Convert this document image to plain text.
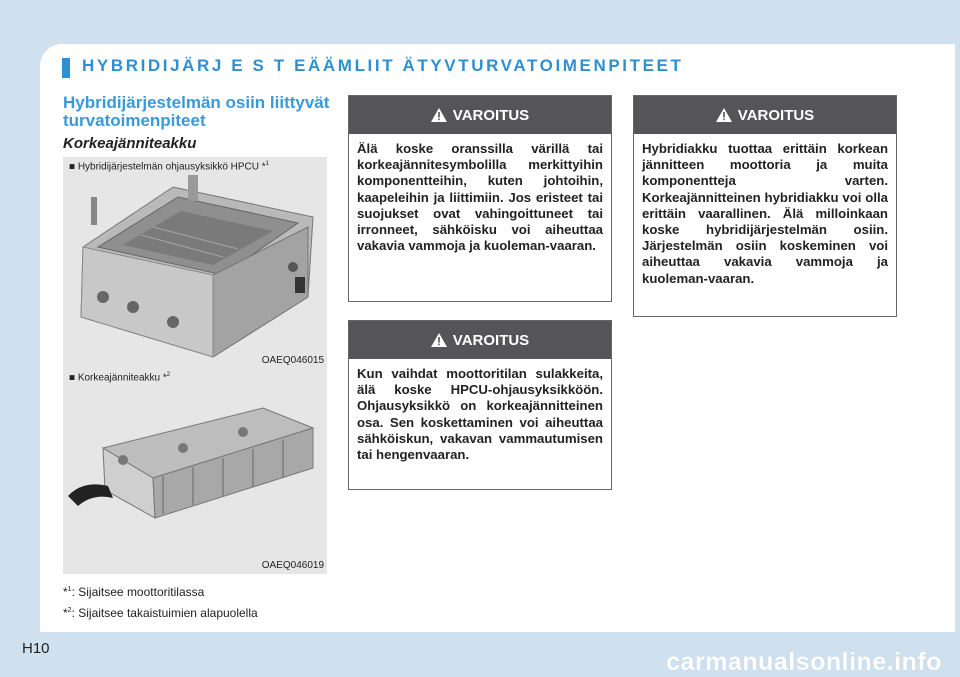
HYBRIDIJÄRJ E S T EÄÄMLIIT ÄTYVTURVATOIMENPITEET
Hybridijärjestelmän osiin liittyvät turvatoimenpiteet
Korkeajänniteakku
■ Hybridijärjestelmän ohjausyksikkö HPCU *$^1$
OAEQ046015
■ Korkeajänniteakku *$^2$
OAEQ046019
*$^1$: Sijaitsee moottoritilassa
*$^2$: Sijaitsee takaistuimien alapuolella
VAROITUS
Älä koske oranssilla värillä tai korkeajännitesymbolilla merkittyihin komponentteihin, kuten johtoihin, kaapeleihin ja liittimiin. Jos eristeet tai suojukset ovat vahingoittuneet tai irronneet, sähköisku voi aiheuttaa vakavia vammoja ja kuoleman-vaaran.
VAROITUS
Kun vaihdat moottoritilan sulakkeita, älä koske HPCU-ohjausyksikköön. Ohjausyksikkö on korkeajännitteinen osa. Sen koskettaminen voi aiheuttaa sähköiskun, vakavan vammautumisen tai hengenvaaran.
VAROITUS
Hybridiakku tuottaa erittäin korkean jännitteen moottoria ja muita komponentteja varten. Korkeajännitteinen hybridiakku voi olla erittäin vaarallinen. Älä milloinkaan koske hybridijärjestelmän osiin. Järjestelmän osiin koskeminen voi aiheuttaa vakavia vammoja ja kuoleman-vaaran.
H10	carmanualsonline.info
